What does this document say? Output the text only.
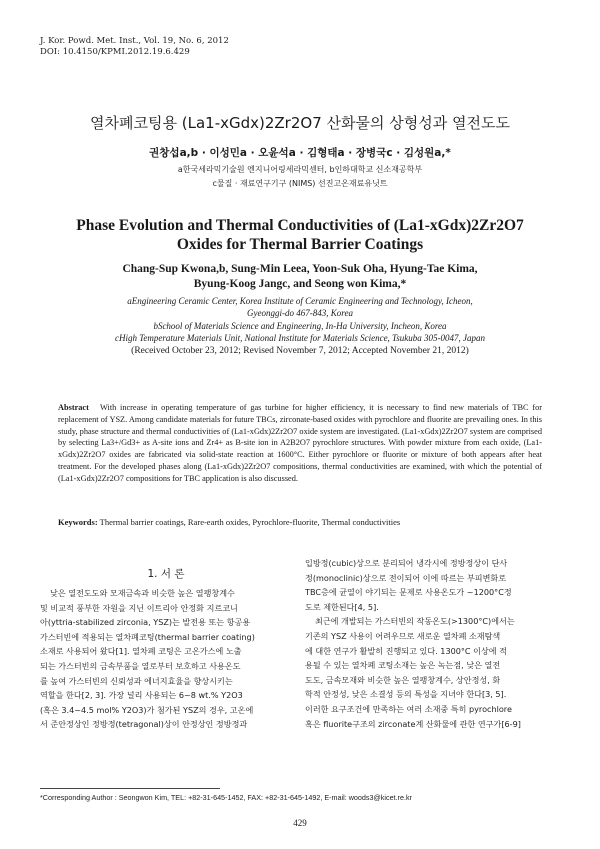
J. Kor. Powd. Met. Inst., Vol. 19, No. 6, 2012
DOI: 10.4150/KPMI.2012.19.6.429
열차폐코팅용 (La1-xGdx)2Zr2O7 산화물의 상형성과 열전도도
권창섭a,b · 이성민a · 오윤석a · 김형태a · 장병국c · 김성원a,*
a한국세라믹기술원 엔지니어링세라믹센터, b인하대학교 신소재공학부
c물질 · 재료연구기구 (NIMS) 선진고온재료유닛트
Phase Evolution and Thermal Conductivities of (La1-xGdx)2Zr2O7
Oxides for Thermal Barrier Coatings
Chang-Sup Kwona,b, Sung-Min Leea, Yoon-Suk Oha, Hyung-Tae Kima,
Byung-Koog Jangc, and Seong won Kima,*
aEngineering Ceramic Center, Korea Institute of Ceramic Engineering and Technology, Icheon,
Gyeonggi-do 467-843, Korea
bSchool of Materials Science and Engineering, In-Ha University, Incheon, Korea
cHigh Temperature Materials Unit, National Institute for Materials Science, Tsukuba 305-0047, Japan
(Received October 23, 2012; Revised November 7, 2012; Accepted November 21, 2012)
Abstract With increase in operating temperature of gas turbine for higher efficiency, it is necessary to find new materials of TBC for replacement of YSZ. Among candidate materials for future TBCs, zirconate-based oxides with pyrochlore and fluorite are prevailing ones. In this study, phase structure and thermal conductivities of (La1-xGdx)2Zr2O7 oxide system are investigated. (La1-xGdx)2Zr2O7 system are comprised by selecting La3+/Gd3+ as A-site ions and Zr4+ as B-site ion in A2B2O7 pyrochlore structures. With powder mixture from each oxide, (La1-xGdx)2Zr2O7 oxides are fabricated via solid-state reaction at 1600°C. Either pyrochlore or fluorite or mixture of both appears after heat treatment. For the developed phases along (La1-xGdx)2Zr2O7 compositions, thermal conductivities are examined, with which the potential of (La1-xGdx)2Zr2O7 compositions for TBC application is also discussed.
Keywords: Thermal barrier coatings, Rare-earth oxides, Pyrochlore-fluorite, Thermal conductivities
1. 서 론

낮은 열전도도와 모재금속과 비슷한 높은 열팽창계수

및 비교적 풍부한 자원을 지닌 이트리아 안정화 지르코니

아(yttria-stabilized zirconia, YSZ)는 발전용 또는 항공용

가스터빈에 적용되는 열차폐코팅(thermal barrier coating)

소재로 사용되어 왔다[1]. 열차폐 코팅은 고온가스에 노출

되는 가스터빈의 금속부품을 열로부터 보호하고 사용온도

를 높여 가스터빈의 신뢰성과 에너지효율을 향상시키는

역할을 한다[2, 3]. 가장 널리 사용되는 6~8 wt.% Y2O3

(혹은 3.4~4.5 mol% Y2O3)가 첨가된 YSZ의 경우, 고온에

서 준안정상인 정방정(tetragonal)상이 안정상인 정방정과

입방정(cubic)상으로 분리되어 냉각시에 정방정상이 단사

정(monoclinic)상으로 전이되어 이에 따르는 부피변화로

TBC층에 균열이 야기되는 문제로 사용온도가 ~1200°C정

도로 제한된다[4, 5].

최근에 개발되는 가스터빈의 작동온도(>1300°C)에서는

기존의 YSZ 사용이 어려우므로 새로운 열차폐 소재탐색

에 대한 연구가 활발히 진행되고 있다. 1300°C 이상에 적

용될 수 있는 열차폐 코팅소재는 높은 녹는점, 낮은 열전

도도, 금속모재와 비슷한 높은 열팽창계수, 상안정성, 화

학적 안정성, 낮은 소결성 등의 특성을 지녀야 한다[3, 5].

이러한 요구조건에 만족하는 여러 소재중 특히 pyrochlore

혹은 fluorite구조의 zirconate계 산화물에 관한 연구가[6-9]

*Corresponding Author : Seongwon Kim, TEL: +82-31-645-1452, FAX: +82-31-645-1492, E-mail: woods3@kicet.re.kr
429
